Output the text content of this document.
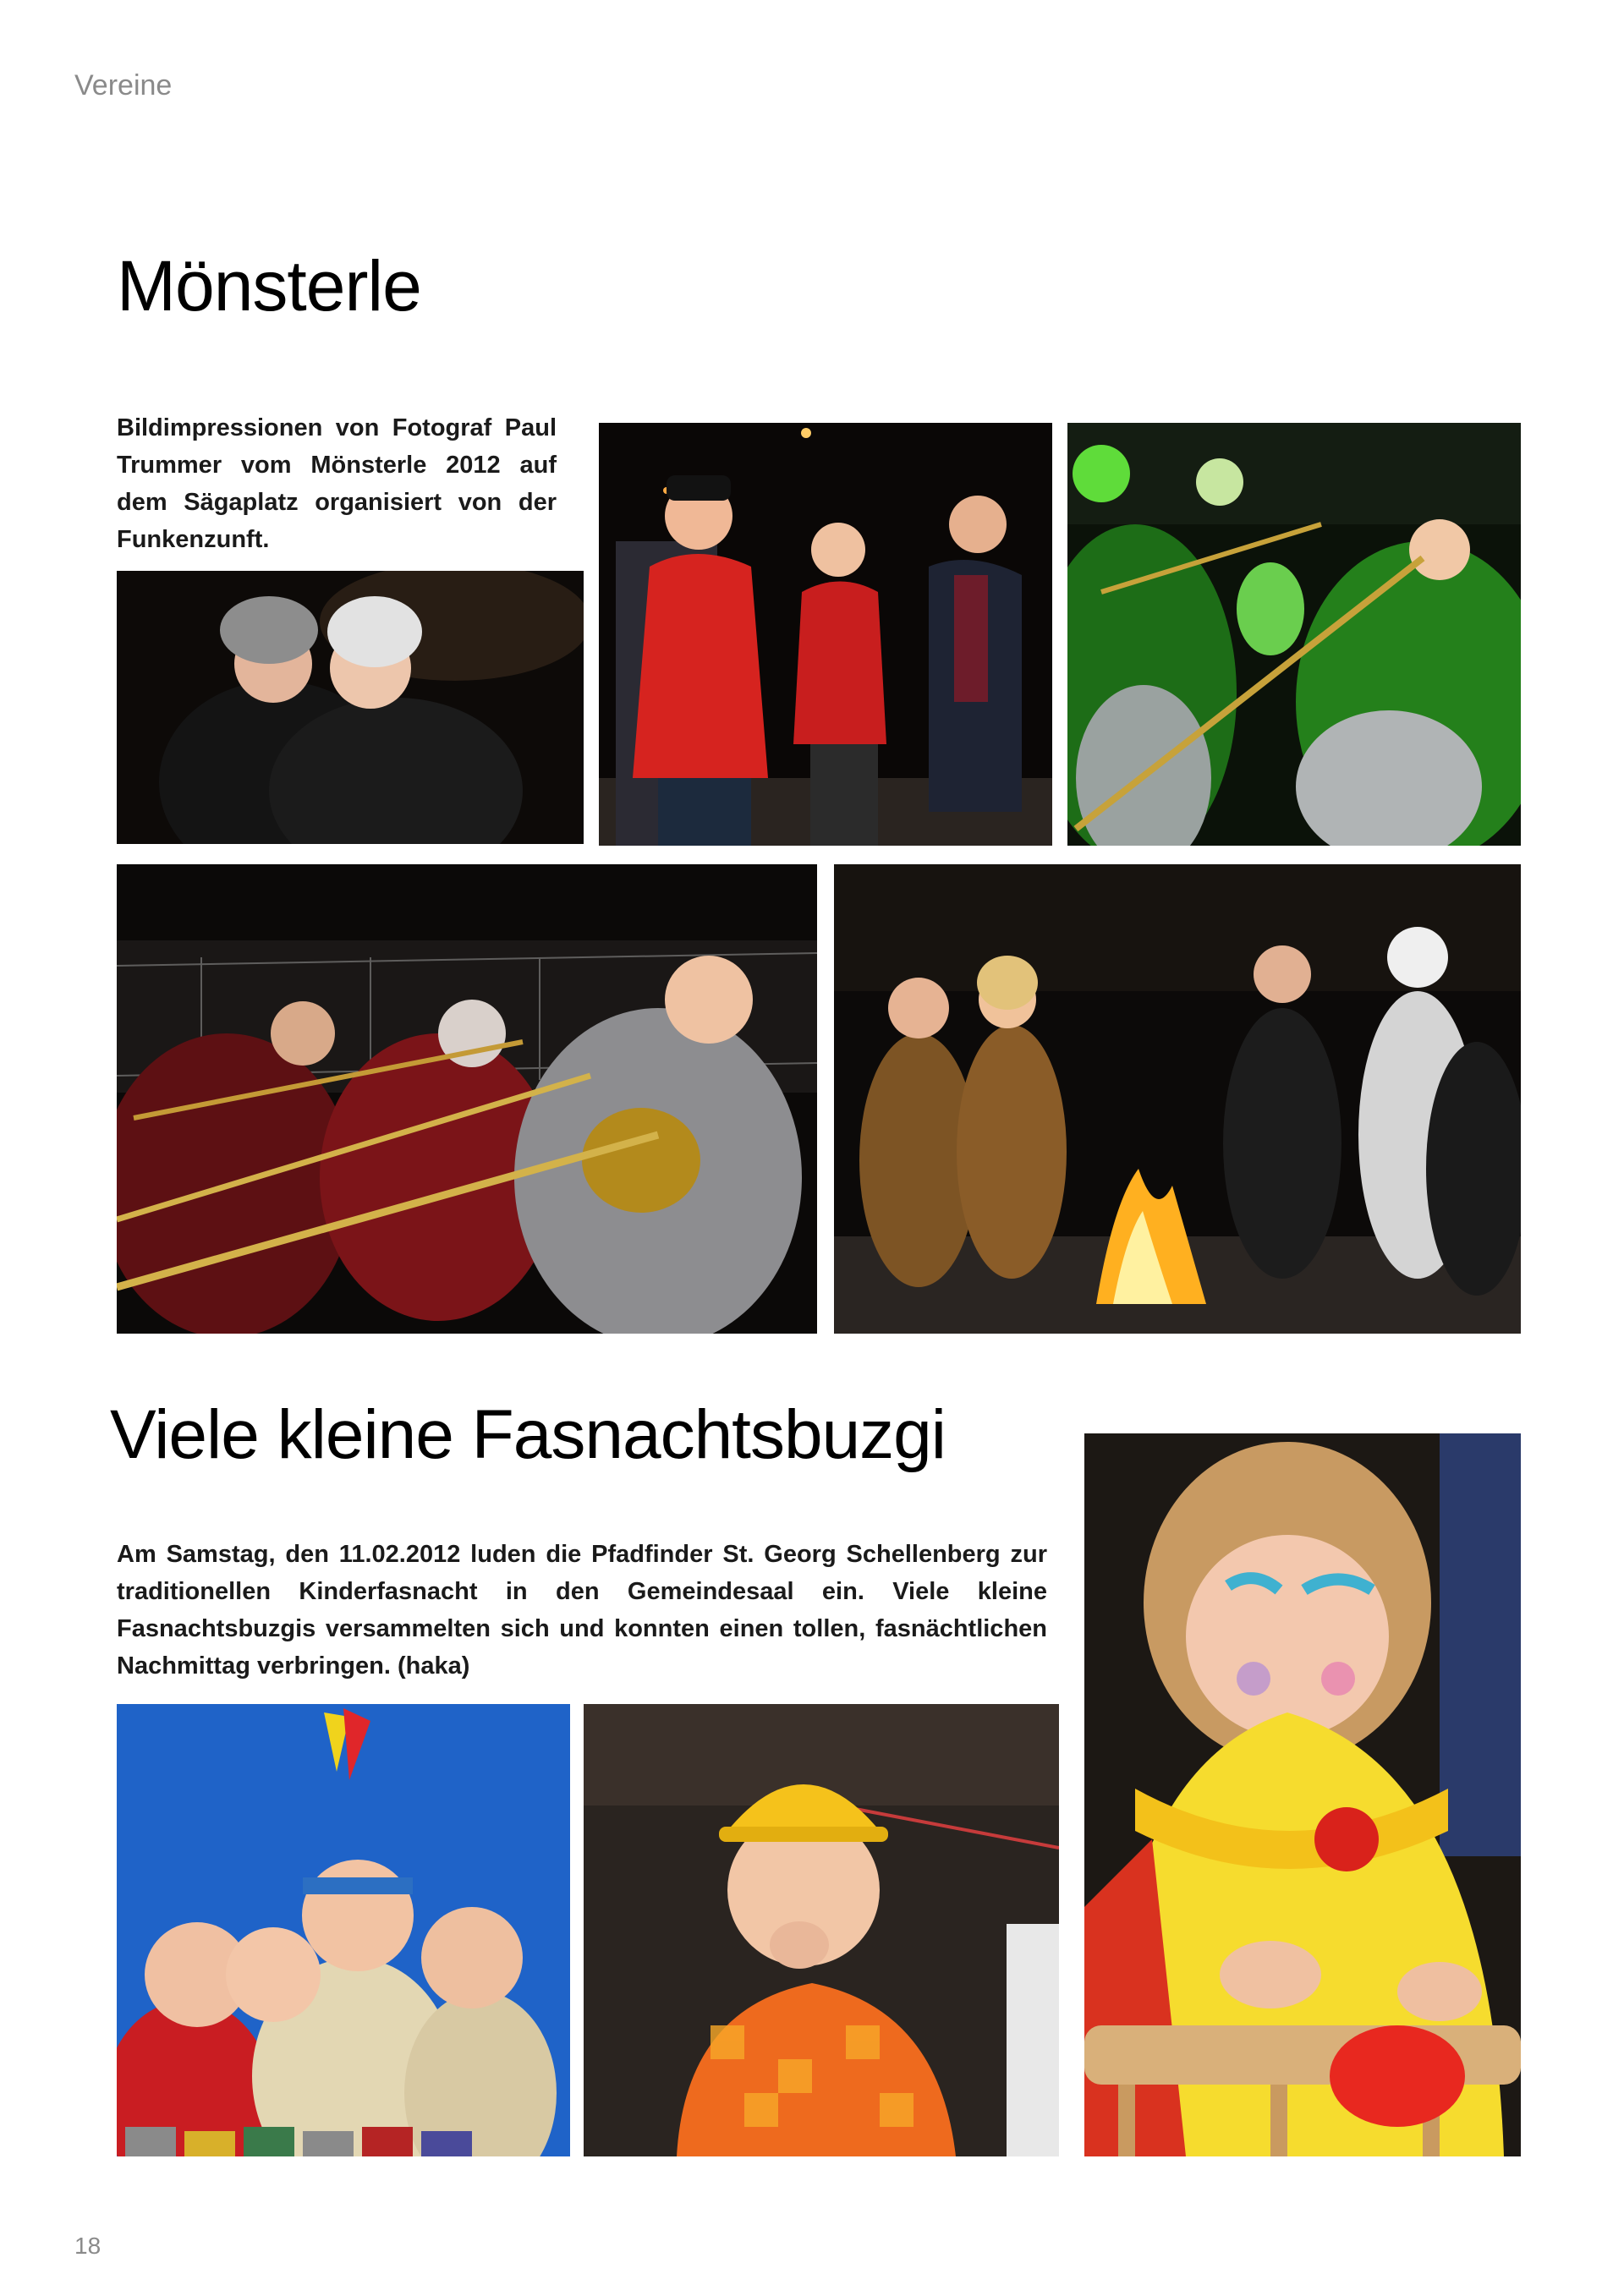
Vereine
Mönsterle

Bildimpressionen von Fotograf Paul Trummer vom Mönsterle 2012 auf dem Sägaplatz organisiert von der Funkenzunft.

Viele kleine Fasnachtsbuzgi

Am Samstag, den 11.02.2012 luden die Pfadfinder St. Georg Schellenberg zur traditionellen Kinderfasnacht in den Gemeindesaal ein. Viele kleine Fasnachtsbuzgis versammelten sich und konnten einen tollen, fasnächtlichen Nachmittag verbringen. (haka)

18
